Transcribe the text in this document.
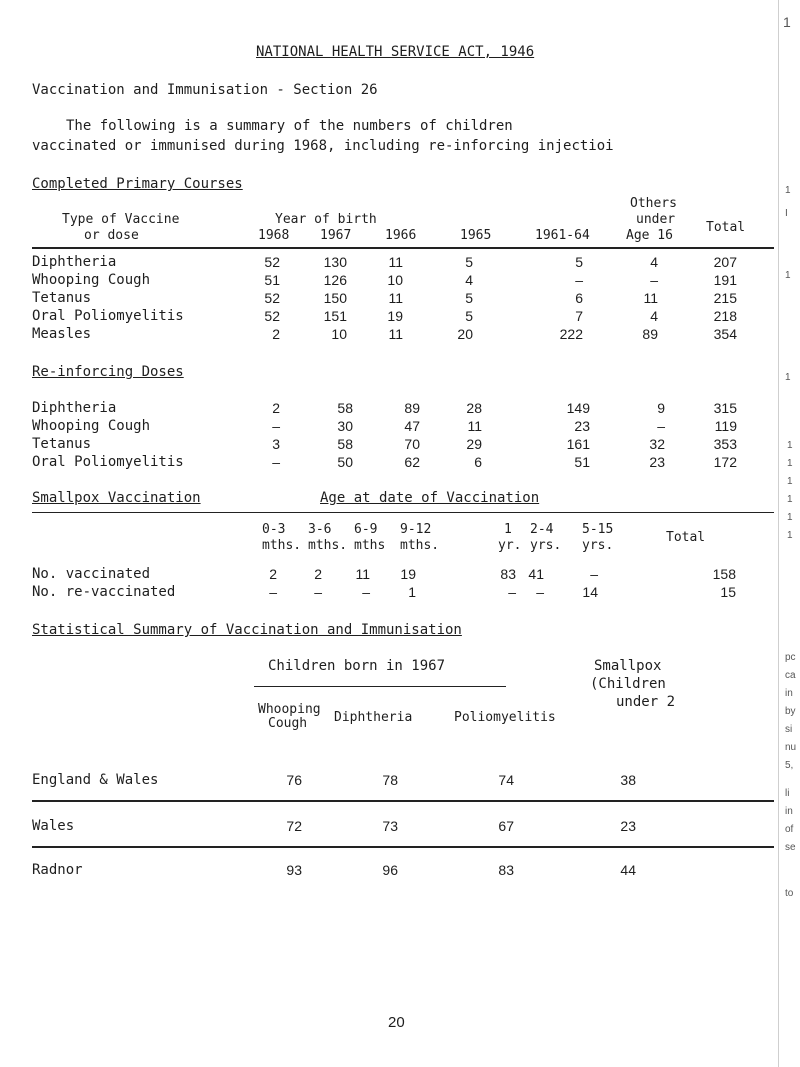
1
1
I
1
1
1
1
1
1
1
1
pc
ca
in
by
si
nu
5,
li
in
of
se
to
NATIONAL HEALTH SERVICE ACT, 1946
Vaccination and Immunisation - Section 26
The following is a summary of the numbers of children
vaccinated or immunised during 1968, including re-inforcing injectioi
Completed Primary Courses
Type of Vaccine
or dose
Year of birth
1968 1967	1966	1965	1961-64
Others
under
Age 16
Total
Diphtheria	52	130	11	5	5	4	207
Whooping Cough	51	126	10	4	–	–	191
Tetanus	52	150	11	5	6	11	215
Oral Poliomyelitis	52	151	19	5	7	4	218
Measles	2	10	11	20	222	89	354
Re-inforcing Doses
Diphtheria	2	58	89	28	149	9	315
Whooping Cough	–	30	47	11	23	–	119
Tetanus	3	58	70	29	161	32	353
Oral Poliomyelitis	–	50	62	6	51	23	172
Smallpox Vaccination	Age at date of Vaccination
0-3 3-6 6-9 9-12	1 2-4 5-15
mths. mths. mths mths.	yr. yrs. yrs.
Total
No. vaccinated	2	2	11	19	83 41	–	158
No. re-vaccinated	–	–	–	1	–	–	14	15
Statistical Summary of Vaccination and Immunisation
Children born in 1967	Smallpox
(Children
under 2
Whooping
Cough Diphtheria	Poliomyelitis
England & Wales	76	78	74	38
Wales	72	73	67	23
Radnor	93	96	83	44
20
